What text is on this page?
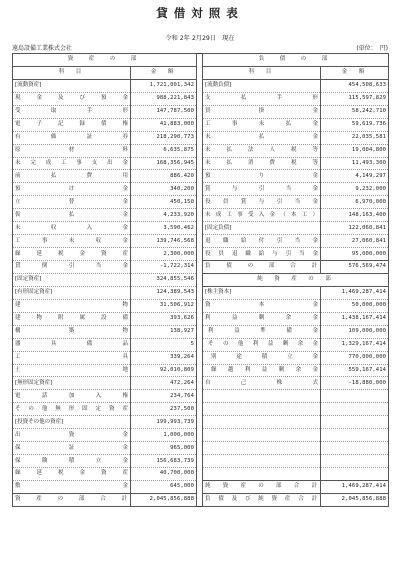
貸借対照表
令和 2年 2月29日　現在
遠島設備工業株式会社	(単位：　円)
資　産　の　部			負　債　の　部	
科　目	金　額		科　目	金　額
[流動資産]	1,721,001,342		[流動負債]	454,508,633
現金及び預金	988,221,843		支払手形	115,597,829
受取手形	147,787,500		買掛金	58,242,710
電子記録債権	41,883,000		工事未払金	59,619,736
有価証券	218,290,773		未払金	22,035,581
原材料	6,635,875		未払法人税等	19,004,800
未完成工事支出金	168,356,945		未払消費税等	11,493,300
前払費用	886,420		預り金	4,149,297
預け金	340,200		賞与引当金	9,232,000
立替金	450,150		役員賞与引当金	6,970,000
仮払金	4,233,920		未成工事受入金（本工）	148,163,400
未収入金	3,590,462		[固定負債]	122,060,841
工事未収金	139,746,568		退職給付引当金	27,060,841
繰延税金資産	2,300,000		役員退職給与引当金	95,000,000
貸倒引当金	-1,722,314		負債の部合計	576,569,474
[固定資産]	324,855,546		純　資　産　の　部	
[有形固定資産]	124,389,543		[株主資本]	1,469,287,414
建物	31,506,912		資本金	50,000,000
建物附属設備	393,626		利益剰余金	1,438,167,414
構築物	138,927		利益準備金	109,000,000
器具備品	5		その他利益剰余金	1,329,167,414
工具	339,264		別途積立金	770,000,000
土地	92,010,809		繰越利益剰余金	559,167,414
[無形固定資産]	472,264		自己株式	-18,880,000
電話加入権	234,764			
その他無形固定資産	237,500			
[投資その他の資産]	199,993,739			
出資金	1,000,000			
保証金	965,000			
保険積立金	156,683,739			
繰延税金資産	40,700,000			
敷金	645,000		純資産の部合計	1,469,287,414
資産の部合計	2,045,856,888		負債及び純資産合計	2,045,856,888
